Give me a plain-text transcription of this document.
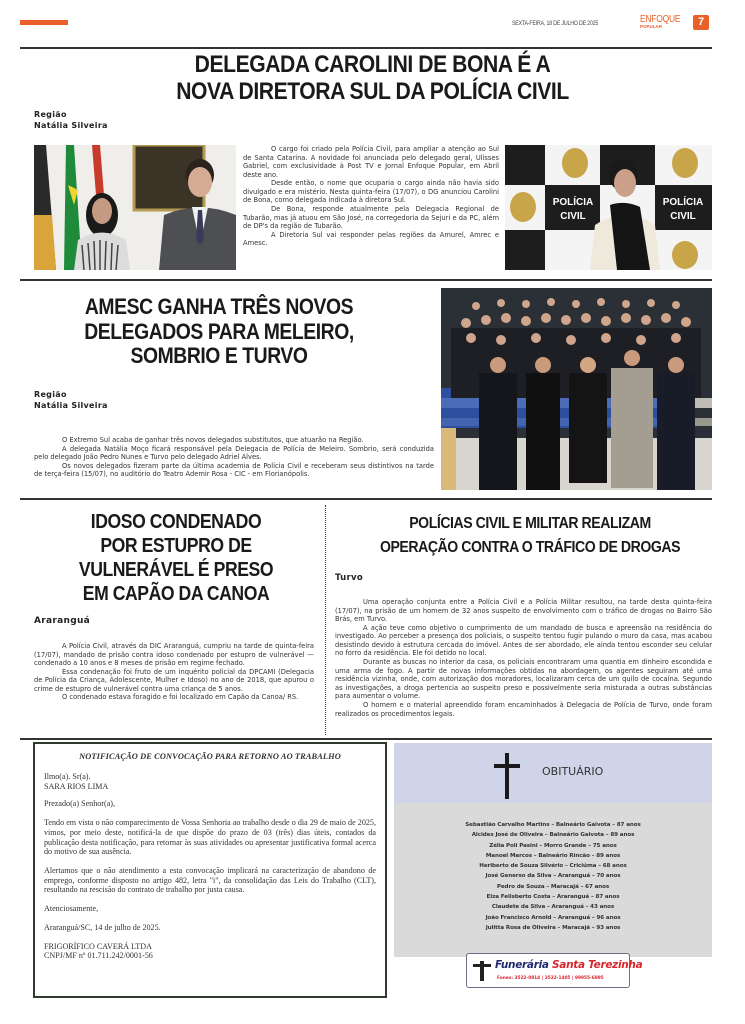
SEXTA-FEIRA, 18 DE JULHO DE 2025	ENFOQUE
POPULAR	7
DELEGADA CAROLINI DE BONA É A
NOVA DIRETORA SUL DA POLÍCIA CIVIL
Região
Natália Silveira

O cargo foi criado pela Polícia Civil, para ampliar a atenção ao Sul de Santa Catarina. A novidade foi anunciada pelo delegado geral, Ulisses Gabriel, com exclusividade à Post TV e Jornal Enfoque Popular, em Abril deste ano.

Desde então, o nome que ocuparia o cargo ainda não havia sido divulgado e era mistério. Nesta quinta-feira (17/07), o DG anunciou Carolini de Bona, como delegada indicada à diretora Sul.

De Bona, responde atualmente pela Delegacia Regional de Tubarão, mas já atuou em São José, na corregedoria da Sejuri e da PC, além de DP's da região de Tubarão.

A Diretoria Sul vai responder pelas regiões da Amurel, Amrec e Amesc.

POLÍCIA
CIVIL
POLÍCIA
CIVIL
AMESC GANHA TRÊS NOVOS
DELEGADOS PARA MELEIRO,
SOMBRIO E TURVO
Região
Natália Silveira

O Extremo Sul acaba de ganhar três novos delegados substitutos, que atuarão na Região.

A delegada Natália Moço ficará responsável pela Delegacia de Polícia de Meleiro. Sombrio, será conduzida pelo delegado João Pedro Nunes e Turvo pelo delegado Adriel Alves.

Os novos delegados fizeram parte da última academia de Polícia Civil e receberam seus distintivos na tarde de terça-feira (15/07), no auditório do Teatro Ademir Rosa - CIC - em Florianópolis.

IDOSO CONDENADO
POR ESTUPRO DE
VULNERÁVEL É PRESO
EM CAPÃO DA CANOA
Araranguá

A Polícia Civil, através da DIC Araranguá, cumpriu na tarde de quinta-feira (17/07), mandado de prisão contra idoso condenado por estupro de vulnerável — condenado a 10 anos e 8 meses de prisão em regime fechado.

Essa condenação foi fruto de um inquérito policial da DPCAMI (Delegacia de Polícia da Criança, Adolescente, Mulher e Idoso) no ano de 2018, que apurou o crime de estupro de vulnerável contra uma criança de 5 anos.

O condenado estava foragido e foi localizado em Capão da Canoa/ RS.

POLÍCIAS CIVIL E MILITAR REALIZAM
OPERAÇÃO CONTRA O TRÁFICO DE DROGAS
Turvo

Uma operação conjunta entre a Polícia Civil e a Polícia Militar resultou, na tarde desta quinta-feira (17/07), na prisão de um homem de 32 anos suspeito de envolvimento com o tráfico de drogas no Bairro São Brás, em Turvo.

A ação teve como objetivo o cumprimento de um mandado de busca e apreensão na residência do investigado. Ao perceber a presença dos policiais, o suspeito tentou fugir pulando o muro da casa, mas acabou desistindo devido à estrutura cercada do imóvel. Antes de ser abordado, ele ainda tentou esconder seu celular no forro da residência. Ele foi detido no local.

Durante as buscas no interior da casa, os policiais encontraram uma quantia em dinheiro escondida e uma arma de fogo. A partir de novas informações obtidas na abordagem, os agentes seguiram até uma residência vizinha, onde, com autorização dos moradores, localizaram cerca de um quilo de cocaína. Segundo as investigações, a droga pertencia ao suspeito preso e possivelmente seria misturada a outras substâncias para aumentar o volume.

O homem e o material apreendido foram encaminhados à Delegacia de Polícia de Turvo, onde foram realizados os procedimentos legais.

NOTIFICAÇÃO DE CONVOCAÇÃO PARA RETORNO AO TRABALHO

Ilmo(a). Sr(a).
SARA RIOS LIMA

Prezado(a) Senhor(a),

Tendo em vista o não comparecimento de Vossa Senhoria ao trabalho desde o dia 29 de maio de 2025, vimos, por meio deste, notificá-la de que dispõe do prazo de 03 (três) dias úteis, contados da publicação desta notificação, para retornar às suas atividades ou apresentar justificativa formal acerca do motivo de sua ausência.

Alertamos que o não atendimento a esta convocação implicará na caracterização de abandono de emprego, conforme disposto no artigo 482, letra "i", da consolidação das Leis do Trabalho (CLT), resultando na rescisão do contrato de trabalho por justa causa.

Atenciosamente,

Araranguá/SC, 14 de julho de 2025.

FRIGORÍFICO CAVERÁ LTDA
CNPJ/MF nº 01.711.242/0001-56

OBITUÁRIO
Sebastião Carvalho Martins – Balneário Gaivota – 87 anos
Alcides José de Oliveira – Balneário Gaivota – 89 anos
Zélia Poli Pasini – Morro Grande – 75 anos
Manoel Marcos – Balneário Rincão – 89 anos
Heriberto de Souza Silvério – Criciúma – 68 anos
José Generso da Silva – Araranguá – 70 anos
Pedro de Souza – Maracajá – 67 anos
Elza Felisberto Costa – Araranguá – 87 anos
Claudete da Silva – Araranguá – 43 anos
João Francisco Arnold – Araranguá – 96 anos
Julitta Rosa de Oliveira – Maracajá – 93 anos
Funerária Santa Terezinha
Fones: 3522-0814 | 3522-1405 | 99955-6895
